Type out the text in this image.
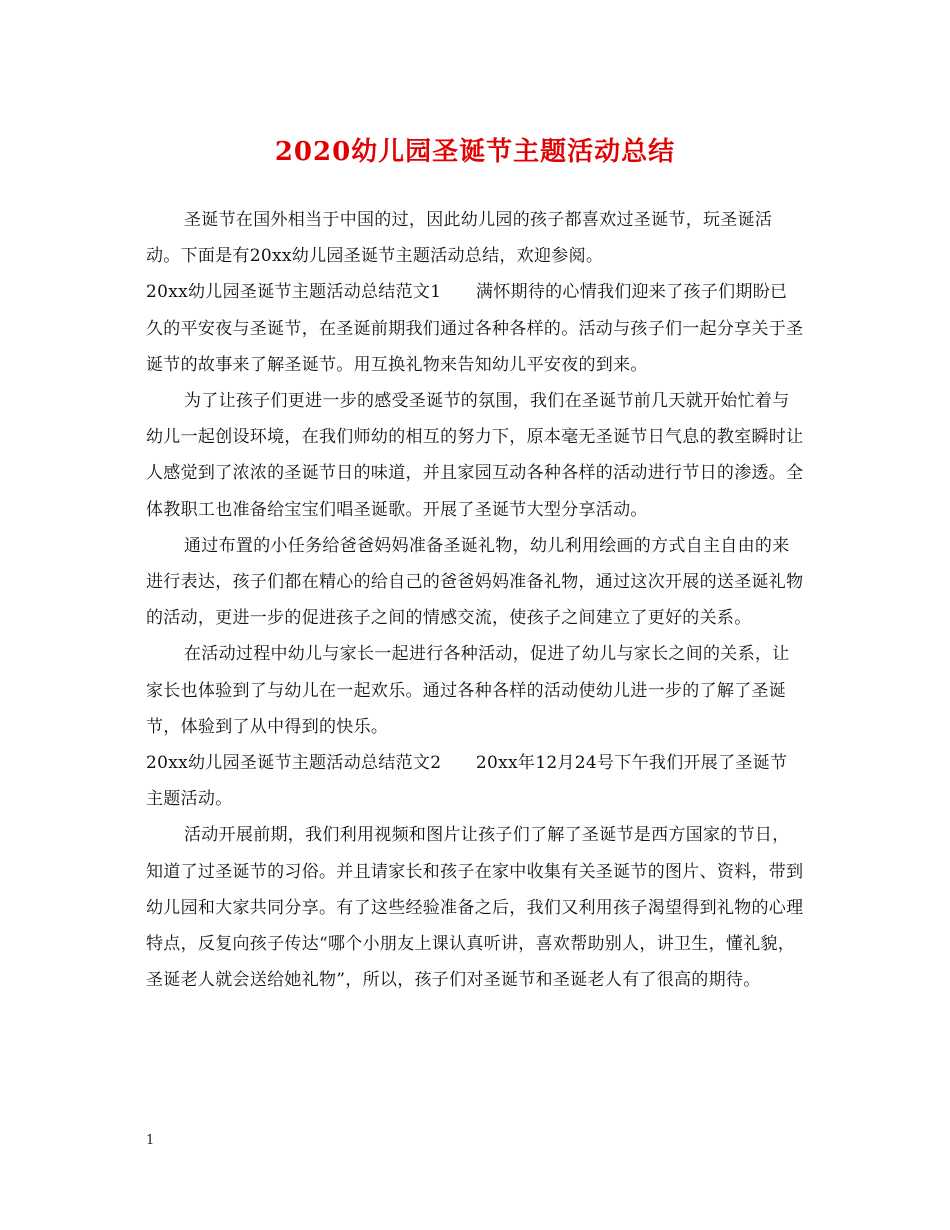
2020幼儿园圣诞节主题活动总结

圣诞节在国外相当于中国的过，因此幼儿园的孩子都喜欢过圣诞节，玩圣诞活动。下面是有20xx幼儿园圣诞节主题活动总结，欢迎参阅。

20xx幼儿园圣诞节主题活动总结范文1　　满怀期待的心情我们迎来了孩子们期盼已久的平安夜与圣诞节，在圣诞前期我们通过各种各样的。活动与孩子们一起分享关于圣诞节的故事来了解圣诞节。用互换礼物来告知幼儿平安夜的到来。

为了让孩子们更进一步的感受圣诞节的氛围，我们在圣诞节前几天就开始忙着与幼儿一起创设环境，在我们师幼的相互的努力下，原本毫无圣诞节日气息的教室瞬时让人感觉到了浓浓的圣诞节日的味道，并且家园互动各种各样的活动进行节日的渗透。全体教职工也准备给宝宝们唱圣诞歌。开展了圣诞节大型分享活动。

通过布置的小任务给爸爸妈妈准备圣诞礼物，幼儿利用绘画的方式自主自由的来进行表达，孩子们都在精心的给自己的爸爸妈妈准备礼物，通过这次开展的送圣诞礼物的活动，更进一步的促进孩子之间的情感交流，使孩子之间建立了更好的关系。

在活动过程中幼儿与家长一起进行各种活动，促进了幼儿与家长之间的关系，让家长也体验到了与幼儿在一起欢乐。通过各种各样的活动使幼儿进一步的了解了圣诞节，体验到了从中得到的快乐。

20xx幼儿园圣诞节主题活动总结范文2　　20xx年12月24号下午我们开展了圣诞节主题活动。

活动开展前期，我们利用视频和图片让孩子们了解了圣诞节是西方国家的节日，知道了过圣诞节的习俗。并且请家长和孩子在家中收集有关圣诞节的图片、资料，带到幼儿园和大家共同分享。有了这些经验准备之后，我们又利用孩子渴望得到礼物的心理特点，反复向孩子传达“哪个小朋友上课认真听讲，喜欢帮助别人，讲卫生，懂礼貌，圣诞老人就会送给她礼物”，所以，孩子们对圣诞节和圣诞老人有了很高的期待。

1
